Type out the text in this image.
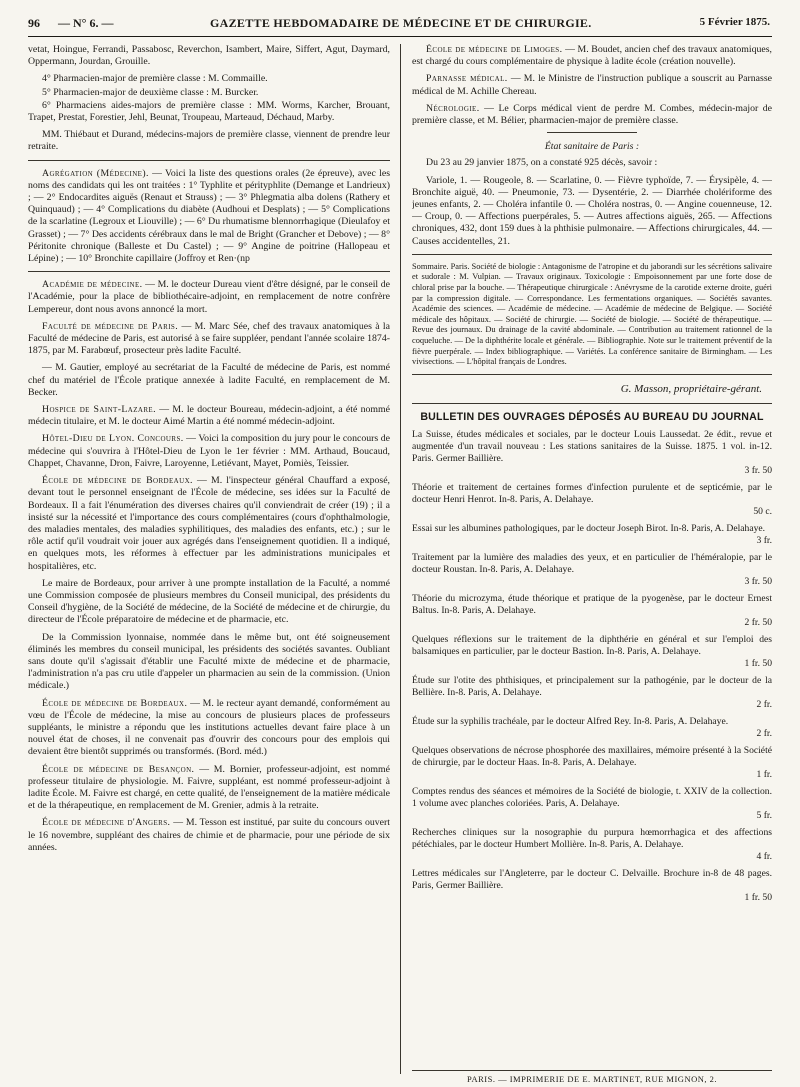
96 — N° 6. —	GAZETTE HEBDOMADAIRE DE MÉDECINE ET DE CHIRURGIE.	5 Février 1875.

vetat, Hoingue, Ferrandi, Passabosc, Reverchon, Isambert, Maire, Siffert, Agut, Daymard, Oppermann, Jourdan, Grouille.

4° Pharmacien-major de première classe : M. Commaille.

5° Pharmacien-major de deuxième classe : M. Burcker.

6° Pharmaciens aides-majors de première classe : MM. Worms, Karcher, Brouant, Trapet, Prestat, Forestier, Jehl, Beunat, Troupeau, Marteaud, Déchaud, Marby.

MM. Thiébaut et Durand, médecins-majors de première classe, viennent de prendre leur retraite.

Agrégation (Médecine). — Voici la liste des questions orales (2e épreuve), avec les noms des candidats qui les ont traitées : 1° Typhlite et pérityphlite (Demange et Landrieux) ; — 2° Endocardites aiguës (Renaut et Strauss) ; — 3° Phlegmatia alba dolens (Rathery et Quinquaud) ; — 4° Complications du diabète (Audhoui et Desplats) ; — 5° Complications de la scarlatine (Legroux et Liouville) ; — 6° Du rhumatisme blennorrhagique (Dieulafoy et Grasset) ; — 7° Des accidents cérébraux dans le mal de Bright (Grancher et Debove) ; — 8° Péritonite chronique (Balleste et Du Castel) ; — 9° Angine de poitrine (Hallopeau et Lépine) ; — 10° Bronchite capillaire (Joffroy et Ren·(np

Académie de médecine. — M. le docteur Dureau vient d'être désigné, par le conseil de l'Académie, pour la place de bibliothécaire-adjoint, en remplacement de notre confrère Lempereur, dont nous avons annoncé la mort.

Faculté de médecine de Paris. — M. Marc Sée, chef des travaux anatomiques à la Faculté de médecine de Paris, est autorisé à se faire suppléer, pendant l'année scolaire 1874-1875, par M. Farabœuf, prosecteur près ladite Faculté.

— M. Gautier, employé au secrétariat de la Faculté de médecine de Paris, est nommé chef du matériel de l'École pratique annexée à ladite Faculté, en remplacement de M. Becker.

Hospice de Saint-Lazare. — M. le docteur Boureau, médecin-adjoint, a été nommé médecin titulaire, et M. le docteur Aimé Martin a été nommé médecin-adjoint.

Hôtel-Dieu de Lyon. Concours. — Voici la composition du jury pour le concours de médecine qui s'ouvrira à l'Hôtel-Dieu de Lyon le 1er février : MM. Arthaud, Boucaud, Chappet, Chavanne, Dron, Faivre, Laroyenne, Letiévant, Mayet, Pomiès, Teissier.

École de médecine de Bordeaux. — M. l'inspecteur général Chauffard a exposé, devant tout le personnel enseignant de l'École de médecine, ses idées sur la Faculté de Bordeaux. Il a fait l'énumération des diverses chaires qu'il conviendrait de créer (19) ; il a insisté sur la nécessité et l'importance des cours complémentaires (cours d'ophthalmologie, des maladies mentales, des maladies syphilitiques, des maladies des enfants, etc.) ; sur le rôle actif qu'il voudrait voir jouer aux agrégés dans l'enseignement quotidien. Il a indiqué, en quelques mots, les réformes à effectuer par les administrations municipales et hospitalières, etc.

Le maire de Bordeaux, pour arriver à une prompte installation de la Faculté, a nommé une Commission composée de plusieurs membres du Conseil municipal, des présidents du Conseil d'hygiène, de la Société de médecine, de la Société de médecine et de chirurgie, du directeur de l'École préparatoire de médecine et de pharmacie, etc.

De la Commission lyonnaise, nommée dans le même but, ont été soigneusement éliminés les membres du conseil municipal, les présidents des sociétés savantes. Oubliant sans doute qu'il s'agissait d'établir une Faculté mixte de médecine et de pharmacie, l'administration n'a pas cru utile d'appeler un pharmacien au sein de la commission. (Union médicale.)

École de médecine de Bordeaux. — M. le recteur ayant demandé, conformément au vœu de l'École de médecine, la mise au concours de plusieurs places de professeurs suppléants, le ministre a répondu que les institutions actuelles devant faire place à un nouvel état de choses, il ne convenait pas d'ouvrir des concours pour des emplois qui devaient être bientôt supprimés ou transformés. (Bord. méd.)

École de médecine de Besançon. — M. Bornier, professeur-adjoint, est nommé professeur titulaire de physiologie. M. Faivre, suppléant, est nommé professeur-adjoint à ladite École. M. Faivre est chargé, en cette qualité, de l'enseignement de la matière médicale et de la thérapeutique, en remplacement de M. Grenier, admis à la retraite.

École de médecine d'Angers. — M. Tesson est institué, par suite du concours ouvert le 16 novembre, suppléant des chaires de chimie et de pharmacie, pour une période de six années.

École de médecine de Limoges. — M. Boudet, ancien chef des travaux anatomiques, est chargé du cours complémentaire de physique à ladite école (création nouvelle).

Parnasse médical. — M. le Ministre de l'instruction publique a souscrit au Parnasse médical de M. Achille Chereau.

Nécrologie. — Le Corps médical vient de perdre M. Combes, médecin-major de première classe, et M. Bélier, pharmacien-major de première classe.

État sanitaire de Paris :

Du 23 au 29 janvier 1875, on a constaté 925 décès, savoir :

Variole, 1. — Rougeole, 8. — Scarlatine, 0. — Fièvre typhoïde, 7. — Érysipèle, 4. — Bronchite aiguë, 40. — Pneumonie, 73. — Dysentérie, 2. — Diarrhée cholériforme des jeunes enfants, 2. — Choléra infantile 0. — Choléra nostras, 0. — Angine couenneuse, 12. — Croup, 0. — Affections puerpérales, 5. — Autres affections aiguës, 265. — Affections chroniques, 432, dont 159 dues à la phthisie pulmonaire. — Affections chirurgicales, 44. — Causes accidentelles, 21.

Sommaire. Paris. Société de biologie : Antagonisme de l'atropine et du jaborandi sur les sécrétions salivaire et sudorale : M. Vulpian. — Travaux originaux. Toxicologie : Empoisonnement par une forte dose de chloral prise par la bouche. — Thérapeutique chirurgicale : Anévrysme de la carotide externe droite, guéri par la compression digitale. — Correspondance. Les fermentations organiques. — Sociétés savantes. Académie des sciences. — Académie de médecine. — Académie de médecine de Belgique. — Société médicale des hôpitaux. — Société de chirurgie. — Société de biologie. — Société de thérapeutique. — Revue des journaux. Du drainage de la cavité abdominale. — Contribution au traitement rationnel de la coqueluche. — De la diphthérite locale et générale. — Bibliographie. Note sur le traitement préventif de la fièvre puerpérale. — Index bibliographique. — Variétés. La conférence sanitaire de Birmingham. — Les vivisections. — L'hôpital français de Londres.

G. Masson, propriétaire-gérant.
BULLETIN DES OUVRAGES DÉPOSÉS AU BUREAU DU JOURNAL
La Suisse, études médicales et sociales, par le docteur Louis Laussedat. 2e édit., revue et augmentée d'un travail nouveau : Les stations sanitaires de la Suisse. 1875. 1 vol. in-12. Paris. Germer Baillière.
3 fr. 50
Théorie et traitement de certaines formes d'infection purulente et de septicémie, par le docteur Henri Henrot. In-8. Paris, A. Delahaye.
50 c.
Essai sur les albumines pathologiques, par le docteur Joseph Birot. In-8. Paris, A. Delahaye.
3 fr.
Traitement par la lumière des maladies des yeux, et en particulier de l'héméralopie, par le docteur Roustan. In-8. Paris, A. Delahaye.
3 fr. 50
Théorie du microzyma, étude théorique et pratique de la pyogenèse, par le docteur Ernest Baltus. In-8. Paris, A. Delahaye.
2 fr. 50
Quelques réflexions sur le traitement de la diphthérie en général et sur l'emploi des balsamiques en particulier, par le docteur Bastion. In-8. Paris, A. Delahaye.
1 fr. 50
Étude sur l'otite des phthisiques, et principalement sur la pathogénie, par le docteur de la Bellière. In-8. Paris, A. Delahaye.
2 fr.
Étude sur la syphilis trachéale, par le docteur Alfred Rey. In-8. Paris, A. Delahaye.
2 fr.
Quelques observations de nécrose phosphorée des maxillaires, mémoire présenté à la Société de chirurgie, par le docteur Haas. In-8. Paris, A. Delahaye.
1 fr.
Comptes rendus des séances et mémoires de la Société de biologie, t. XXIV de la collection. 1 volume avec planches coloriées. Paris, A. Delahaye.
5 fr.
Recherches cliniques sur la nosographie du purpura hœmorrhagica et des affections pétéchiales, par le docteur Humbert Mollière. In-8. Paris, A. Delahaye.
4 fr.
Lettres médicales sur l'Angleterre, par le docteur C. Delvaille. Brochure in-8 de 48 pages. Paris, Germer Baillière.
1 fr. 50
PARIS. — IMPRIMERIE DE E. MARTINET, RUE MIGNON, 2.
